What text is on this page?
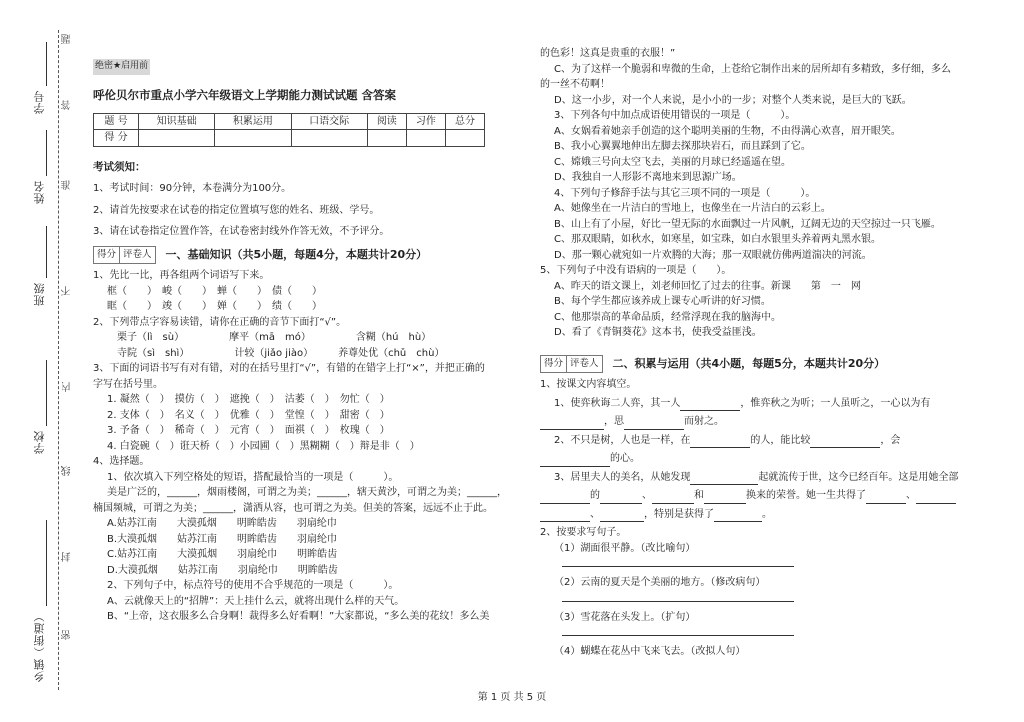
学号
姓名
班级
学校
乡镇（街道）
题
答
准
不
内
线
封
密
绝密★启用前
呼伦贝尔市重点小学六年级语文上学期能力测试试题 含答案
题 号	知识基础	积累运用	口语交际	阅读	习作	总分
得 分						
考试须知：

1、考试时间：90分钟，本卷满分为100分。

2、请首先按要求在试卷的指定位置填写您的姓名、班级、学号。

3、请在试卷指定位置作答，在试卷密封线外作答无效，不予评分。

得分 评卷人	一、基础知识（共5小题，每题4分，本题共计20分）

1、先比一比，再各组两个词语写下来。

框（　　）　峻（　　）　蝉（　　）　债（　　）

眶（　　）　竣（　　）　婵（　　）　绩（　　）

2、下列带点字容易读错，请你在正确的音节下面打“√”。

栗子（lì　sù）　　　　　摩平（mā　mó）　　　　　含糊（hú　hù）

寺院（sì　shì）　　　　　计较（jiǎo jiào）　　　养尊处优（chǔ　chù）

3、下面的词语书写有对有错，对的在括号里打“√”，有错的在错字上打“×”，并把正确的

字写在括号里。

1. 凝然（　）　摸仿（　）　遮挽（　）　沽萎（　）　勿忙（　）

2. 支体（　）　名义（　）　优雅（　）　堂惶（　）　甜密（　）

3. 予备（　）　稀奇（　）　元宵（　）　面祺（　）　枚瑰（　）

4. 白瓷碗（　）诳天桥（　）小园圃（　）黑糊糊（　）辩是非（　）

4、选择题。

1、依次填入下列空格处的短语，搭配最恰当的一项是（　　　）。

美是广泛的，______，烟雨楼阁，可谓之为美；______，辖天黄沙，可谓之为美；______，

楠国频城，可谓之为美；______，潇洒从容，也可谓之为美。但美的答案，远远不止于此。

A.姑苏江南　　大漠孤烟　　明眸皓齿　　羽扇纶巾

B.大漠孤烟　　姑苏江南　　明眸皓齿　　羽扇纶巾

C.姑苏江南　　大漠孤烟　　羽扇纶巾　　明眸皓齿

D.大漠孤烟　　姑苏江南　　羽扇纶巾　　明眸皓齿

2、下列句子中，标点符号的使用不合乎规范的一项是（　　　）。

A、云就像天上的“招牌”：天上挂什么云，就将出现什么样的天气。

B、“上帝，这衣服多么合身啊！裁得多么好看啊！”大家都说，“多么美的花纹！多么美

的色彩！这真是贵重的衣服！”

C、为了这样一个脆弱和卑微的生命，上苍给它制作出来的居所却有多精致，多仔细，多么

的一丝不苟啊！

D、这一小步，对一个人来说，是小小的一步；对整个人类来说，是巨大的飞跃。

3、下列各句中加点成语使用错误的一项是（　　　）。

A、女娲看着她亲手创造的这个聪明美丽的生物，不由得满心欢喜，眉开眼笑。

B、我小心翼翼地伸出左脚去探那块岩石，而且踩到了它。

C、嫦娥三号向太空飞去，美丽的月球已经遥遥在望。

D、我独自一人形影不离地来到思源广场。

4、下列句子修辞手法与其它三项不同的一项是（　　　）。

A、她像坐在一片洁白的雪地上，也像坐在一片洁白的云彩上。

B、山上有了小屋，好比一望无际的水面飘过一片风帆，辽阔无边的天空掠过一只飞雁。

C、那双眼睛，如秋水，如寒星，如宝珠，如白水银里头养着两丸黑水银。

D、那一颗心就宛如一片欢腾的大海；那一双眼就仿佛两道湍决的河流。

5、下列句子中没有语病的一项是（　　）。

A、昨天的语文课上，刘老师回忆了过去的往事。新课　　第　一　网

B、每个学生都应该养成上课专心听讲的好习惯。

C、他那崇高的革命品质，经常浮现在我的脑海中。

D、看了《青铜葵花》这本书，使我受益匪浅。

得分 评卷人	二、积累与运用（共4小题，每题5分，本题共计20分）

1、按课文内容填空。

1、使弈秋诲二人弈，其一人	，惟弈秋之为听；一人虽听之，一心以为有

，思	而射之。

2、不只是树，人也是一样，在	的人，能比较	，会

的心。

3、居里夫人的美名，从她发现	起就流传于世，这今已经百年。这是用她全部

的	、	和	换来的荣誉。她一生共得了	、

、	，特别是获得了	。

2、按要求写句子。

（1）湖面很平静。（改比喻句）

（2）云南的夏天是个美丽的地方。（修改病句）

（3）雪花落在头发上。（扩句）

（4）蝴蝶在花丛中飞来飞去。（改拟人句）

第 1 页 共 5 页
